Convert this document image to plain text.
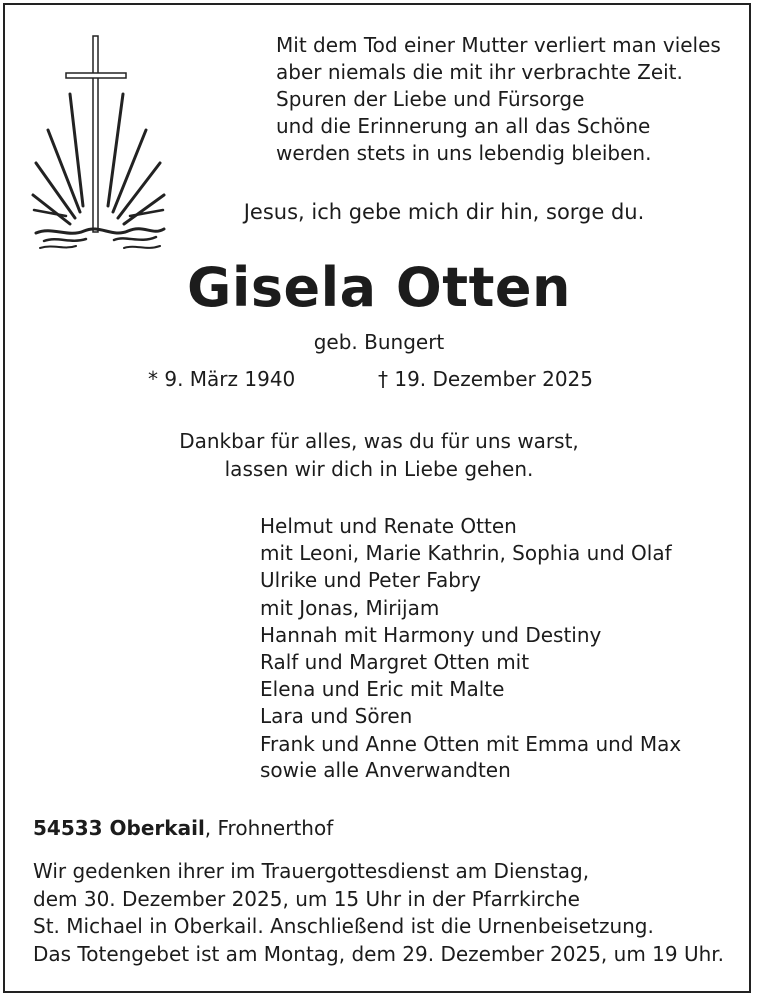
Mit dem Tod einer Mutter verliert man vieles
aber niemals die mit ihr verbrachte Zeit.
Spuren der Liebe und Fürsorge
und die Erinnerung an all das Schöne
werden stets in uns lebendig bleiben.
Jesus, ich gebe mich dir hin, sorge du.
Gisela Otten
geb. Bungert
* 9. März 1940	† 19. Dezember 2025
Dankbar für alles, was du für uns warst,
lassen wir dich in Liebe gehen.
Helmut und Renate Otten
mit Leoni, Marie Kathrin, Sophia und Olaf
Ulrike und Peter Fabry
mit Jonas, Mirijam
Hannah mit Harmony und Destiny
Ralf und Margret Otten mit
Elena und Eric mit Malte
Lara und Sören
Frank und Anne Otten mit Emma und Max
sowie alle Anverwandten
54533 Oberkail, Frohnerthof
Wir gedenken ihrer im Trauergottesdienst am Dienstag,
dem 30. Dezember 2025, um 15 Uhr in der Pfarrkirche
St. Michael in Oberkail. Anschließend ist die Urnenbeisetzung.
Das Totengebet ist am Montag, dem 29. Dezember 2025, um 19 Uhr.
